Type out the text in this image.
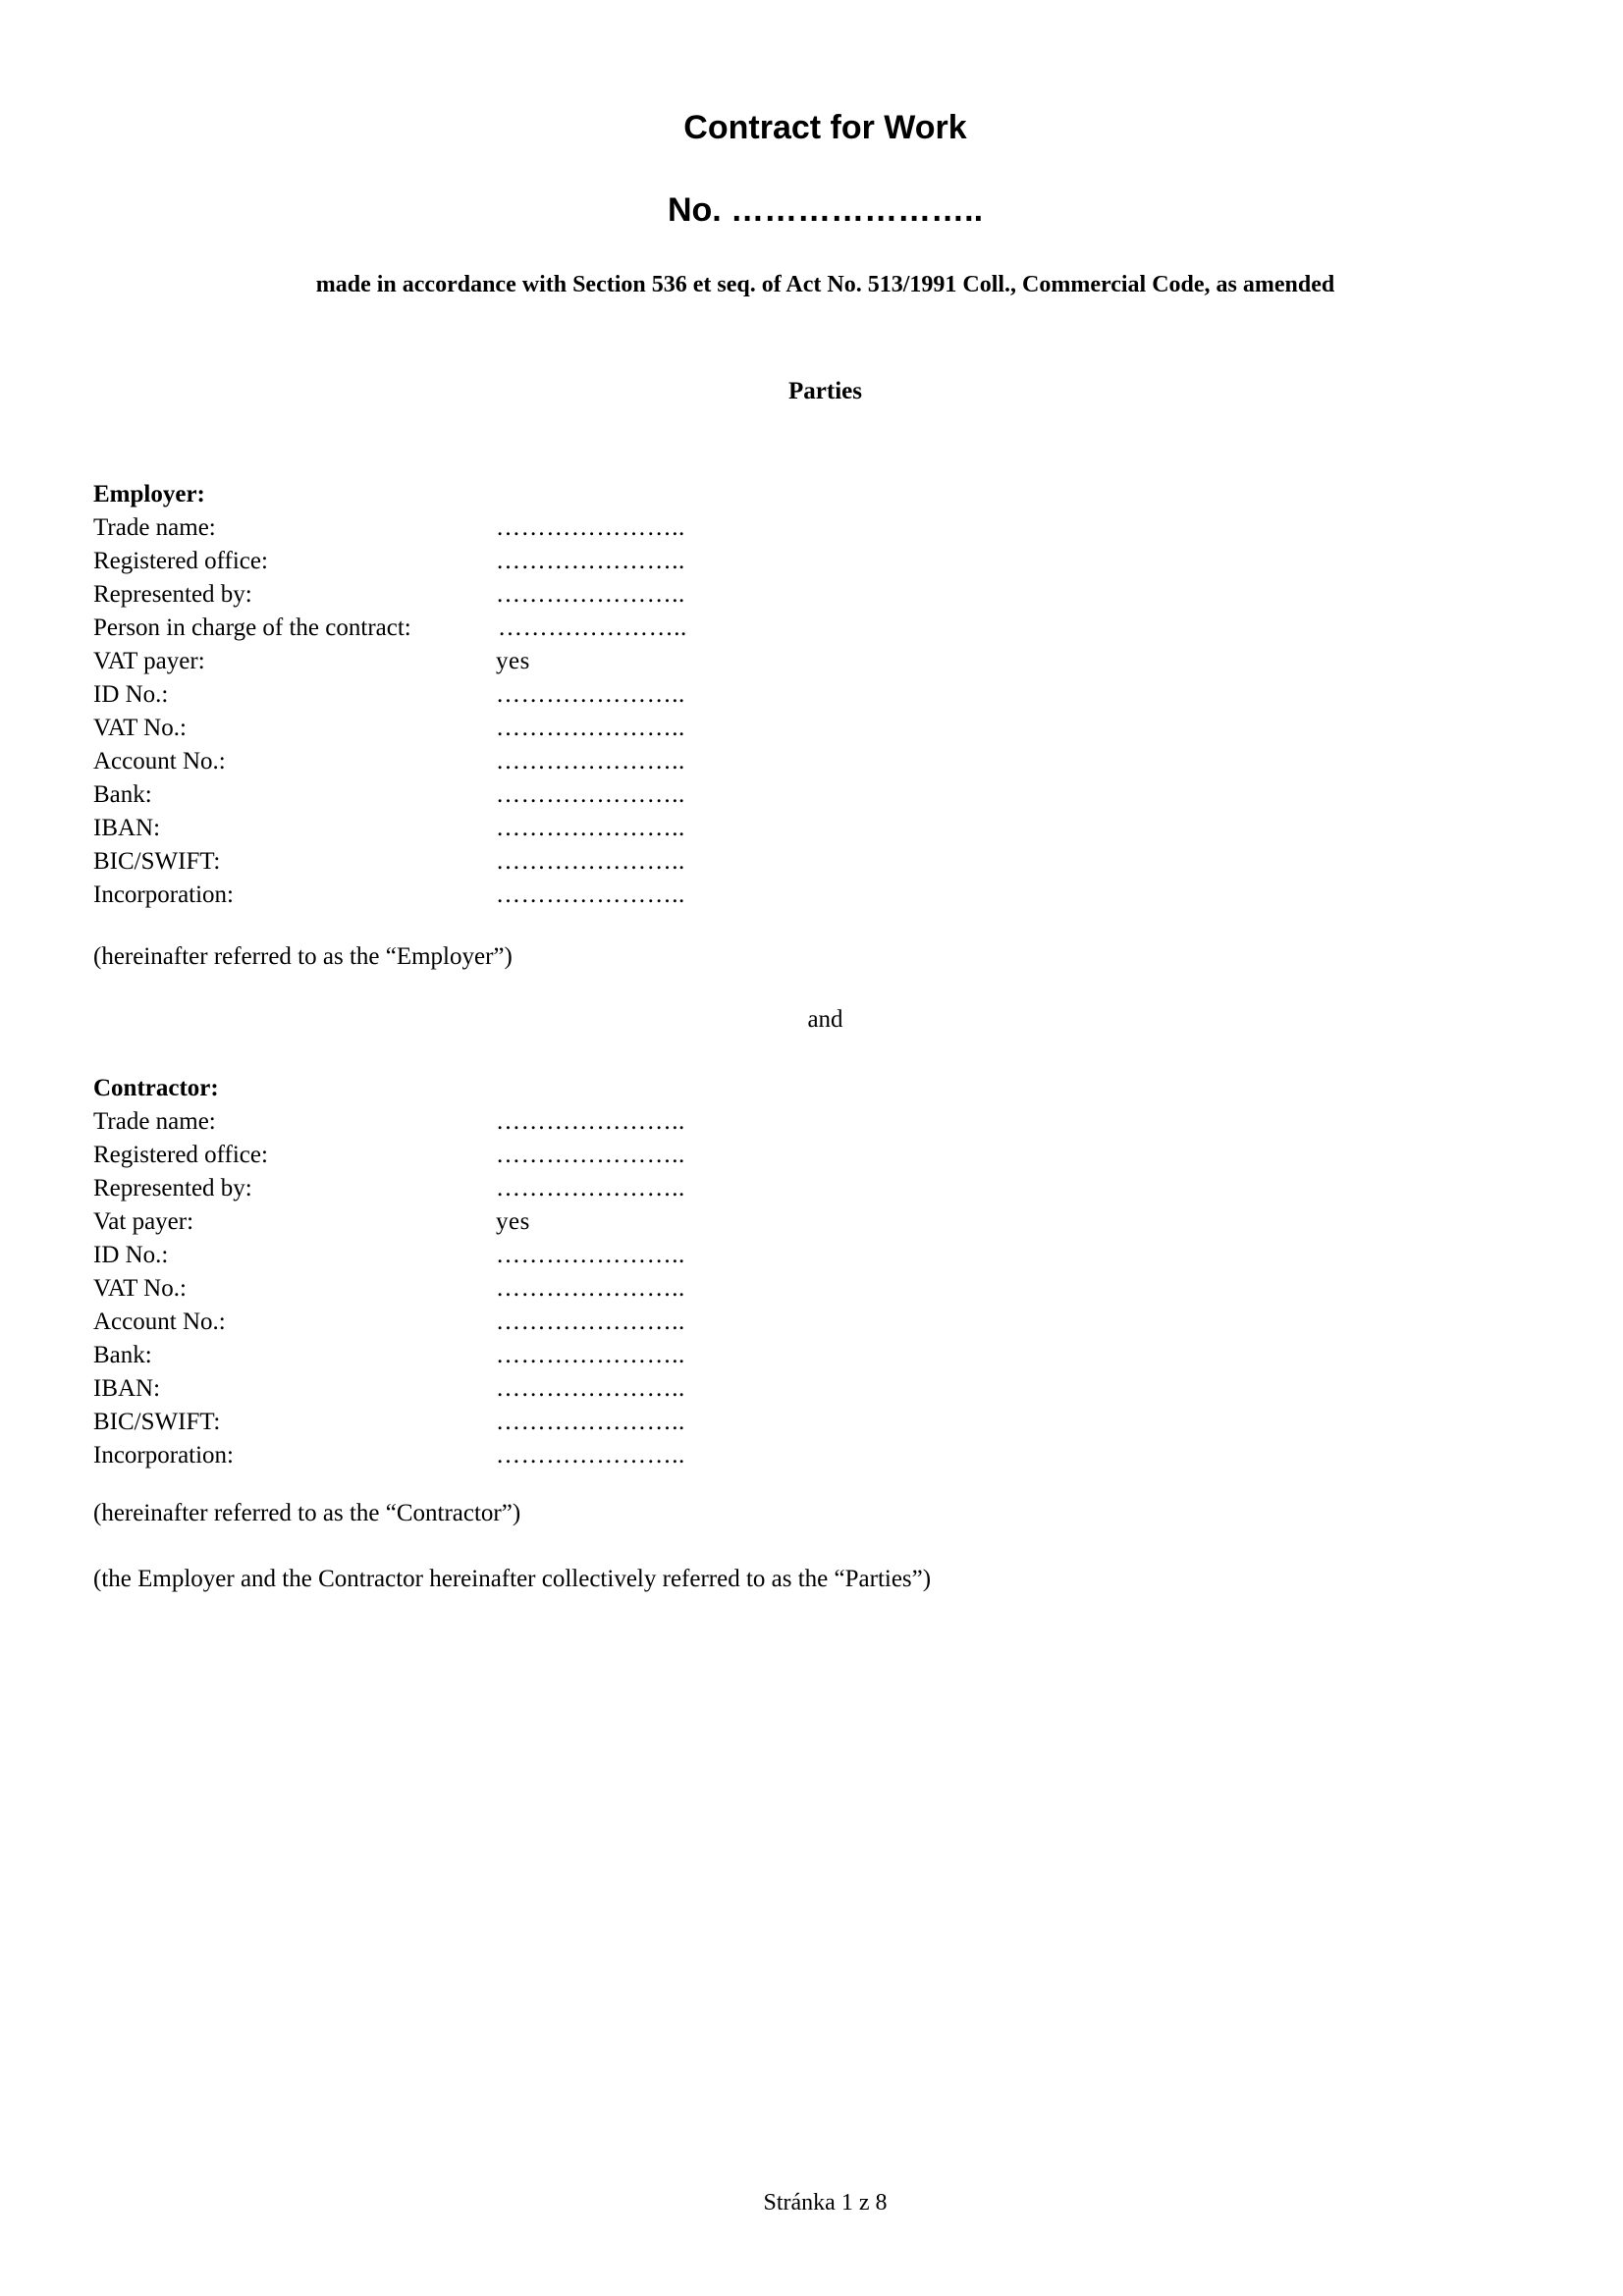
Contract for Work
No. …………………..
made in accordance with Section 536 et seq. of Act No. 513/1991 Coll., Commercial Code, as amended
Parties
Employer:
Trade name:	…………………..
Registered office:	…………………..
Represented by:	…………………..
Person in charge of the contract:	…………………..
VAT payer:	yes
ID No.:	…………………..
VAT No.:	…………………..
Account No.:	…………………..
Bank:	…………………..
IBAN:	…………………..
BIC/SWIFT:	…………………..
Incorporation:	…………………..
(hereinafter referred to as the “Employer”)
and
Contractor:
Trade name:	…………………..
Registered office:	…………………..
Represented by:	…………………..
Vat payer:	yes
ID No.:	…………………..
VAT No.:	…………………..
Account No.:	…………………..
Bank:	…………………..
IBAN:	…………………..
BIC/SWIFT:	…………………..
Incorporation:	…………………..
(hereinafter referred to as the “Contractor”)
(the Employer and the Contractor hereinafter collectively referred to as the “Parties”)
Stránka 1 z 8
